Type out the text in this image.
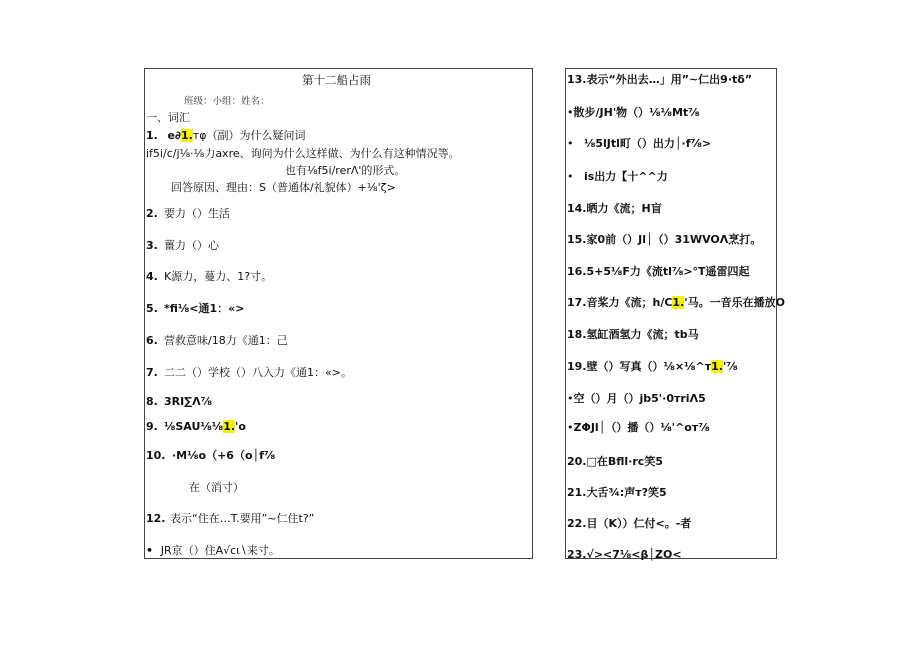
第十二船占雨
班级：小组：姓名：
一、词汇
1. e∂1.тφ（副）为什么疑问词
if5i∕c∕j⅛·⅛力axre、询问为什么这样做、为什么有这种情况等。
也有⅛f5i∕rerΛ'的形式。
回答原因、理由：S（普通体/礼貌体）+⅛'ζ>
2. 要力（）生活
3. 薑力（）心
4. K源力，蔓力、1?寸。
5. *fi⅛<通1：«>
6. 营救意味/18力《通1：己
7. 二二（）学校（）八入力《通1：«>。
8. 3RI∑Λ⅞
9. ⅛SAU⅛⅛1.'o
10. ·M⅛o（+6（o│f⅞
在（消寸）
12. 表示“住在…T.要用”~仁住t?”
•  JR京（）住A√cι∖来寸。
13.表示“外出去…」用”~仁出9·tδ”
•散步/JH'物（）⅛⅛Mt⅞
•   ⅛5lJtl町（）出力│·f⅞>
•   is出力【十^^力
14.晒力《流；H盲
15.家0前（）Jl│（）31WVOΛ烹打。
16.5+5⅛F力《流tl⅞>°T遥雷四起
17.音桨力《流；h∕C1.'马。一音乐在播放O
18.氢缸酒氢力《流；tb马
19.壁（）写真（）⅛×⅛^т1.'⅞
•空（）月（）jb5'·0тriΛ5
•ZΦJl│（）播（）⅛'^oт⅞
20.□在Bfll·rc笑5
21.大舌¾:声т?笑5
22.目（K））仁付<。-者
23.√><7⅛<β│ZO<
